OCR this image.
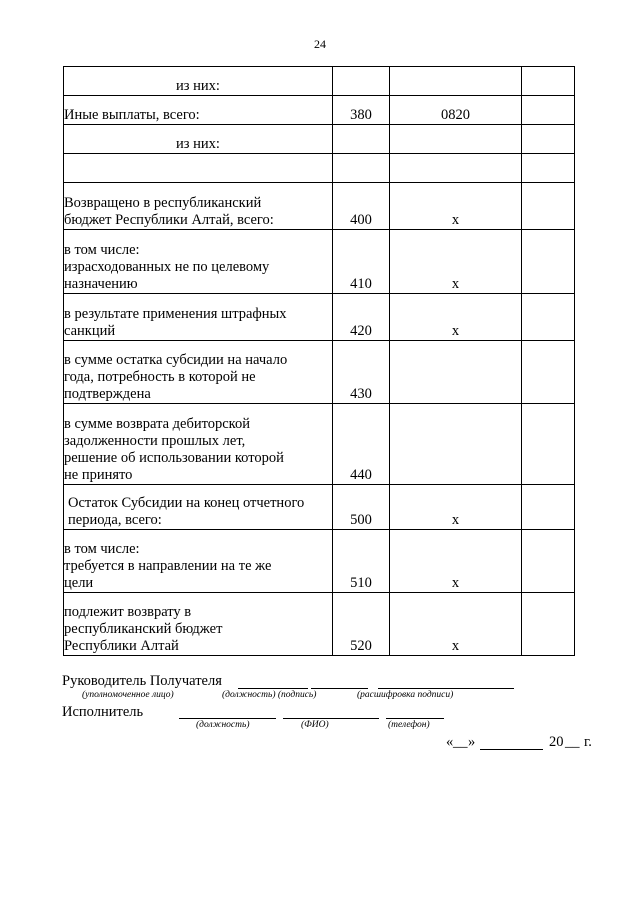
24
из них:			

Иные выплаты, всего:	380	0820	

из них:			

Возвращено в республиканский
бюджет Республики Алтай, всего:	400	x	

в том числе:
израсходованных не по целевому
назначению	410	x	

в результате применения штрафных
санкций	420	x	

в сумме остатка субсидии на начало
года, потребность в которой не
подтверждена	430		

в сумме возврата дебиторской
задолженности прошлых лет,
решение об использовании которой
не принято	440		

Остаток Субсидии на конец отчетного
периода, всего:	500	x	

в том числе:
требуется в направлении на те же
цели	510	x	

подлежит возврату в
республиканский бюджет
Республики Алтай	520	x	
Руководитель Получателя
(уполномоченное лицо)	(должность) (подпись)	(расшифровка подписи)
Исполнитель
(должность)	(ФИО)	(телефон)
« __ »	20 __ г.
